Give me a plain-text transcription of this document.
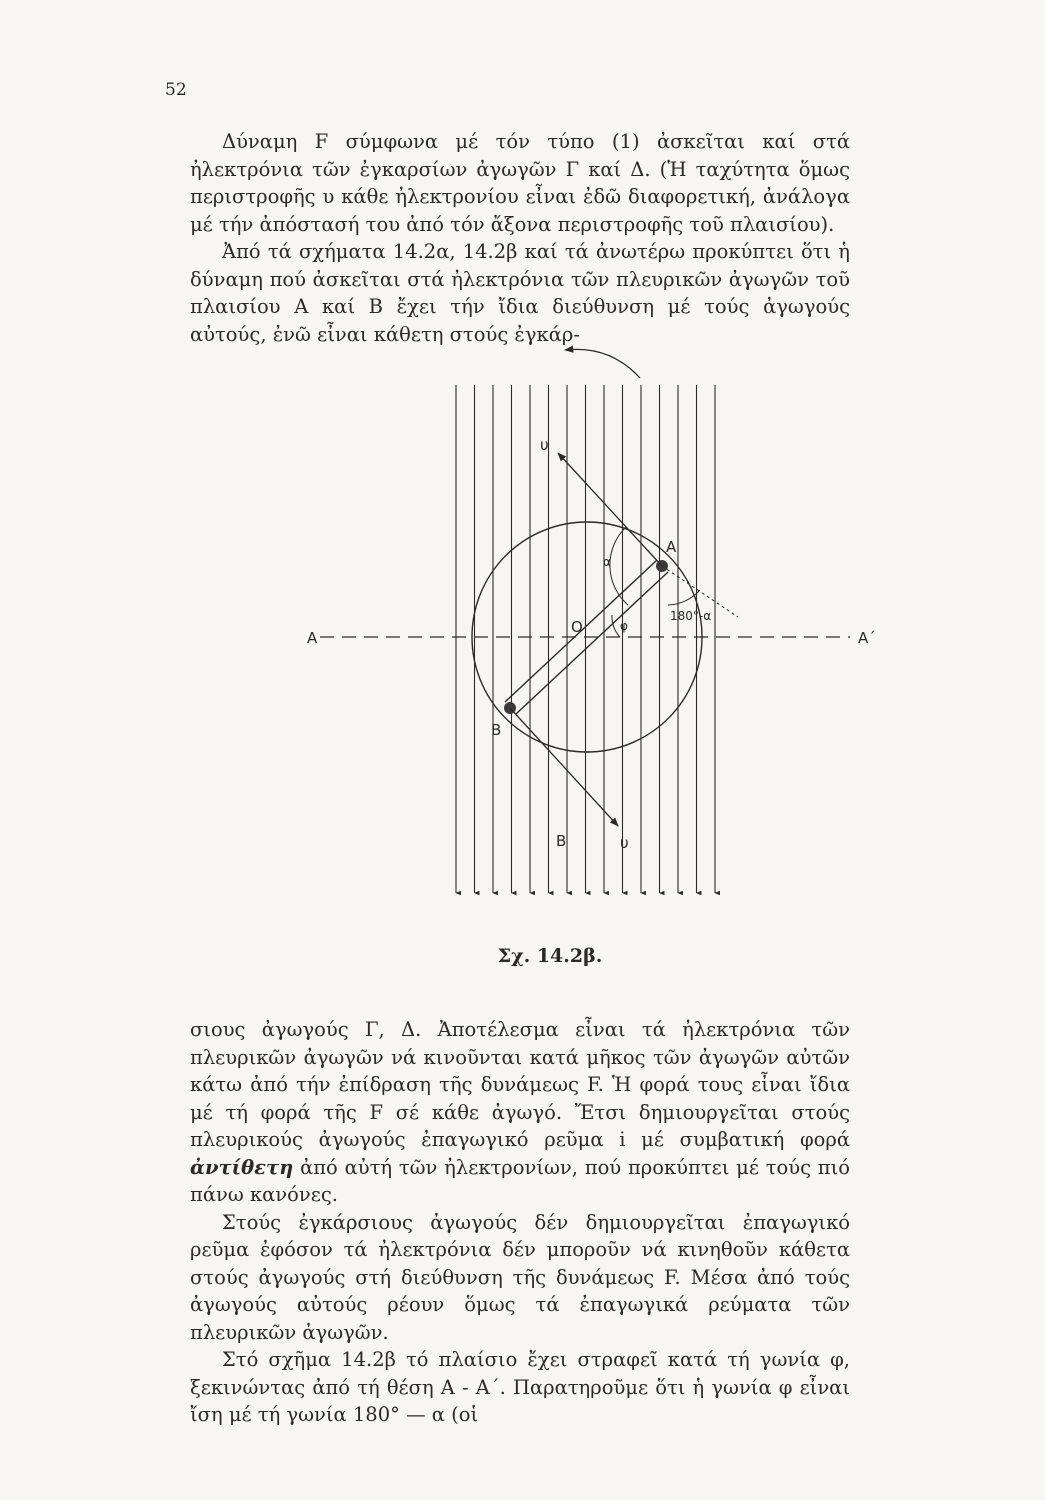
52

Δύναμη F σύμφωνα μέ τόν τύπο (1) ἀσκεῖται καί στά ἠλεκτρόνια τῶν ἐγκαρσίων ἀγωγῶν Γ καί Δ. (Ἡ ταχύτητα ὅμως περιστροφῆς υ κάθε ἠλεκτρονίου εἶναι ἐδῶ διαφορετική, ἀνάλογα μέ τήν ἀπόστασή του ἀπό τόν ἄξονα περιστροφῆς τοῦ πλαισίου).

Ἀπό τά σχήματα 14.2α, 14.2β καί τά ἀνωτέρω προκύπτει ὅτι ἡ δύναμη πού ἀσκεῖται στά ἠλεκτρόνια τῶν πλευρικῶν ἀγωγῶν τοῦ πλαισίου Α καί Β ἔχει τήν ἴδια διεύθυνση μέ τούς ἀγωγούς αὐτούς, ἐνῶ εἶναι κάθετη στούς ἐγκάρ-

Α	Α΄
Α
Β
Ο
υ
υ
α
φ
180°-α
Β
Σχ. 14.2β.

σιους ἀγωγούς Γ, Δ. Ἀποτέλεσμα εἶναι τά ἠλεκτρόνια τῶν πλευρικῶν ἀγωγῶν νά κινοῦνται κατά μῆκος τῶν ἀγωγῶν αὐτῶν κάτω ἀπό τήν ἐπίδραση τῆς δυνάμεως F. Ἡ φορά τους εἶναι ἴδια μέ τή φορά τῆς F σέ κάθε ἀγωγό. Ἔτσι δημιουργεῖται στούς πλευρικούς ἀγωγούς ἐπαγωγικό ρεῦμα i μέ συμβατική φορά ἀντίθετη ἀπό αὐτή τῶν ἠλεκτρονίων, πού προκύπτει μέ τούς πιό πάνω κανόνες.

Στούς ἐγκάρσιους ἀγωγούς δέν δημιουργεῖται ἐπαγωγικό ρεῦμα ἐφόσον τά ἠλεκτρόνια δέν μποροῦν νά κινηθοῦν κάθετα στούς ἀγωγούς στή διεύθυνση τῆς δυνάμεως F. Μέσα ἀπό τούς ἀγωγούς αὐτούς ρέουν ὅμως τά ἐπαγωγικά ρεύματα τῶν πλευρικῶν ἀγωγῶν.

Στό σχῆμα 14.2β τό πλαίσιο ἔχει στραφεῖ κατά τή γωνία φ, ξεκινώντας ἀπό τή θέση Α - Α΄. Παρατηροῦμε ὅτι ἡ γωνία φ εἶναι ἴση μέ τή γωνία 180° — α (οἱ
